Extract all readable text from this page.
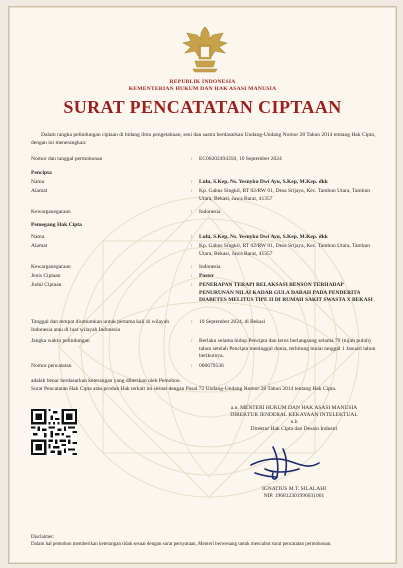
REPUBLIK INDONESIA
KEMENTERIAN HUKUM DAN HAK ASASI MANUSIA
SURAT PENCATATAN CIPTAAN
Dalam rangka pelindungan ciptaan di bidang ilmu pengetahuan, seni dan sastra berdasarkan Undang-Undang Nomor 28 Tahun 2014 tentang Hak Cipta, dengan ini menerangkan:
Nomor dan tanggal permohonan	: EC00202494350, 10 September 2024
Pencipta
Nama	: Lulu, S.Kep, Ns. Yesnyku Dwi Ayu, S.Kep, M.Kep. dkk
Alamat	: Kp. Gabus Singkil, RT 02/RW 01, Desa Srijaya, Kec. Tambun Utara, Tambun Utara, Bekasi, Jawa Barat, 41357
Kewarganegaraan	: Indonesia
Pemegang Hak Cipta
Nama	: Lulu, S.Kep, Ns. Yesnyku Dwi Ayu, S.Kep, M.Kep. dkk
Alamat	: Kp. Gabus Singkil, RT 02/RW 01, Desa Srijaya, Kec. Tambun Utara, Tambun Utara, Bekasi, Jawa Barat, 41357
Kewarganegaraan	: Indonesia
Jenis Ciptaan	: Poster
Judul Ciptaan	: PENERAPAN TERAPI RELAKSASI BENSON TERHADAP PENURUNAN NILAI KADAR GULA DARAH PADA PENDERITA DIABETES MELITUS TIPE II DI RUMAH SAKIT SWASTA X BEKASI
Tanggal dan tempat diumumkan untuk pertama kali di wilayah Indonesia atau di luar wilayah Indonesia
: 10 September 2024, di Bekasi
Jangka waktu pelindungan	: Berlaku selama hidup Pencipta dan terus berlangsung selama 70 (tujuh puluh) tahun setelah Pencipta meninggal dunia, terhitung mulai tanggal 1 Januari tahun berikutnya.
Nomor pencatatan	: 000679536
adalah benar berdasarkan keterangan yang diberikan oleh Pemohon.
Surat Pencatatan Hak Cipta atau produk Hak terkait ini sesuai dengan Pasal 72 Undang-Undang Nomor 28 Tahun 2014 tentang Hak Cipta.
a.n. MENTERI HUKUM DAN HAK ASASI MANUSIA
DIREKTUR JENDERAL KEKAYAAN INTELEKTUAL
u.b
Direktur Hak Cipta dan Desain Industri
IGNATIUS M.T. SILALAHI
NIP. 196812301996031001
Disclaimer:
Dalam hal pemohon memberikan keterangan tidak sesuai dengan surat pernyataan, Menteri berwenang untuk mencabut surat pencatatan permohonan.
